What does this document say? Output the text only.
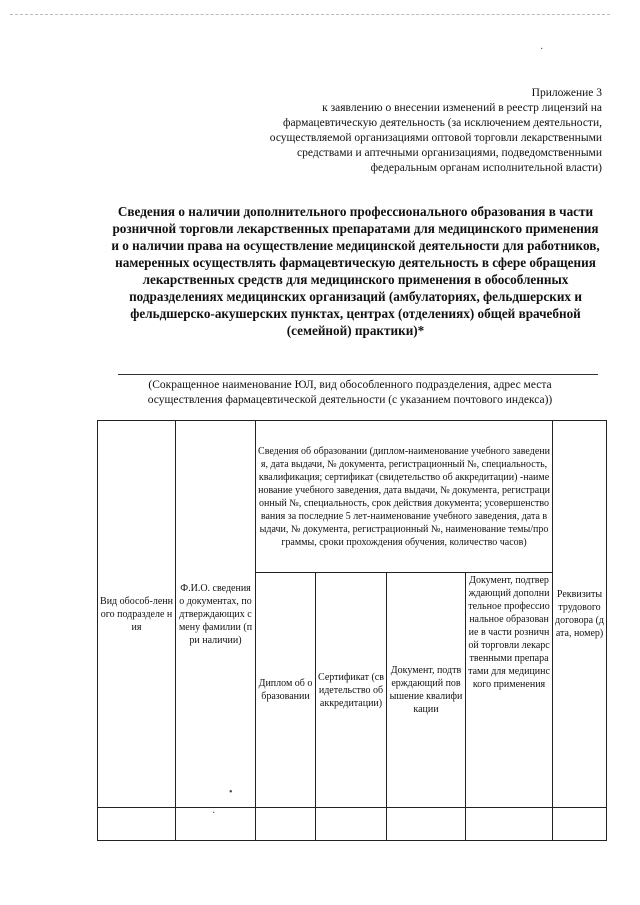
Приложение 3
к заявлению о внесении изменений в реестр лицензий на фармацевтическую деятельность (за исключением деятельности, осуществляемой организациями оптовой торговли лекарственными средствами и аптечными организациями, подведомственными федеральным органам исполнительной власти)
Сведения о наличии дополнительного профессионального образования в части розничной торговли лекарственных препаратами для медицинского применения и о наличии права на осуществление медицинской деятельности для работников, намеренных осуществлять фармацевтическую деятельность в сфере обращения лекарственных средств для медицинского применения в обособленных подразделениях медицинских организаций (амбулаториях, фельдшерских и фельдшерско-акушерских пунктах, центрах (отделениях) общей врачебной (семейной) практики)*
(Сокращенное наименование ЮЛ, вид обособленного подразделения, адрес места осуществления фармацевтической деятельности (с указанием почтового индекса))
Вид обособ-ленного подразделе ния	Ф.И.О. сведения о документах, подтверждающих смену фамилии (при наличии)	Сведения об образовании (диплом-наименование учебного заведения, дата выдачи, № документа, регистрационный №, специальность, квалификация; сертификат (свидетельство об аккредитации) -наименование учебного заведения, дата выдачи, № документа, регистрационный №, специальность, срок действия документа; усовершенствования за последние 5 лет-наименование учебного заведения, дата выдачи, № документа, регистрационный №, наименование темы/программы, сроки прохождения обучения, количество часов)				Реквизиты трудового договора (дата, номер)
		Диплом об образовании	Сертификат (свидетельство об аккредитации)	Документ, подтверждающий повышение квалификации	Документ, подтверждающий дополнительное профессиональное образование в части розничной торговли лекарственными препаратами для медицинского применения	

•
·
·
